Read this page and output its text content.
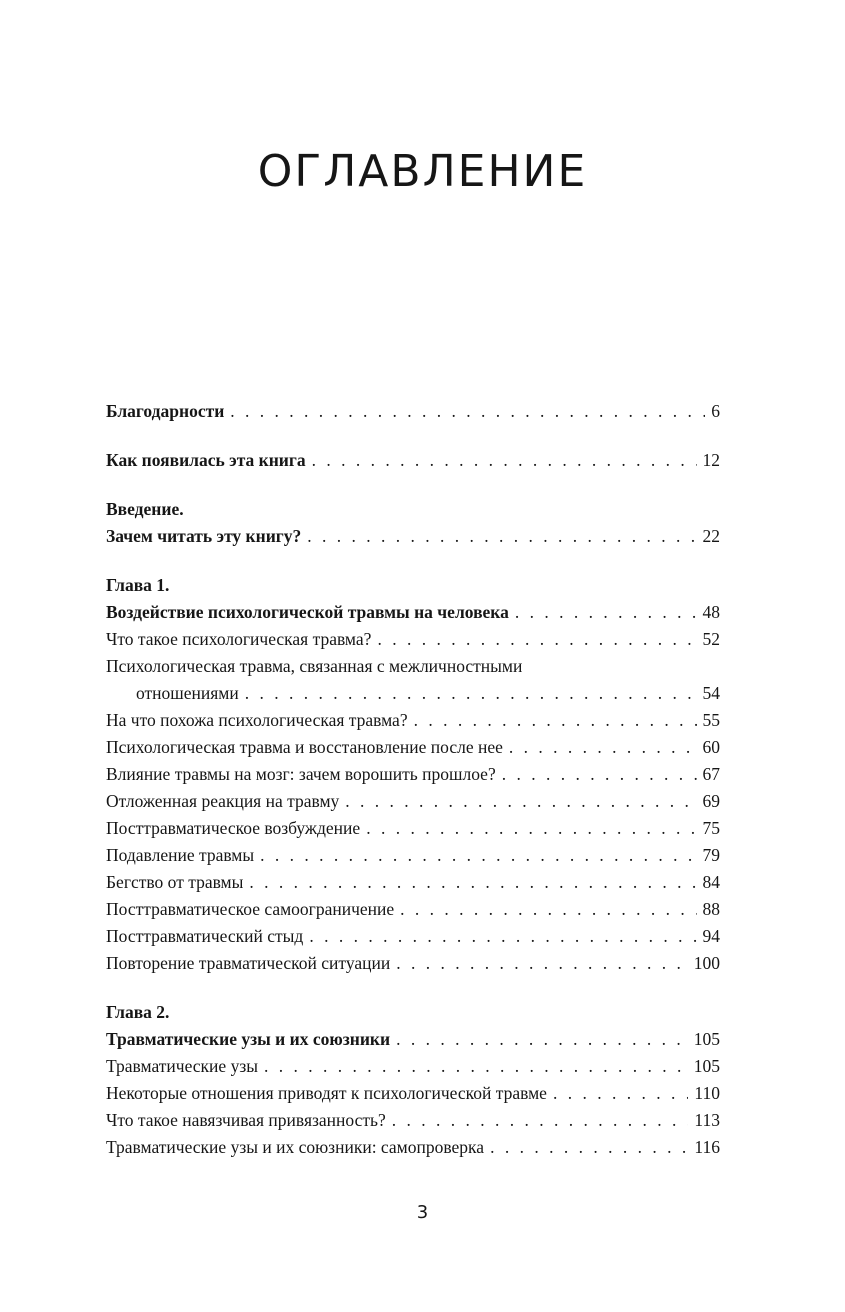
ОГЛАВЛЕНИЕ
Благодарности . . .	6
Как появилась эта книга . . .	12
Введение.
Зачем читать эту книгу? . . .	22
Глава 1.
Воздействие психологической травмы на человека . . .	48
Что такое психологическая травма? . . .	52
Психологическая травма, связанная с межличностными
отношениями . . .	54
На что похожа психологическая травма? . . .	55
Психологическая травма и восстановление после нее . . .	60
Влияние травмы на мозг: зачем ворошить прошлое? . . .	67
Отложенная реакция на травму . . .	69
Посттравматическое возбуждение . . .	75
Подавление травмы . . .	79
Бегство от травмы . . .	84
Посттравматическое самоограничение . . .	88
Посттравматический стыд . . .	94
Повторение травматической ситуации . . .	100
Глава 2.
Травматические узы и их союзники . . .	105
Травматические узы . . .	105
Некоторые отношения приводят к психологической травме . . .	110
Что такое навязчивая привязанность? . . .	113
Травматические узы и их союзники: самопроверка . . .	116
3
